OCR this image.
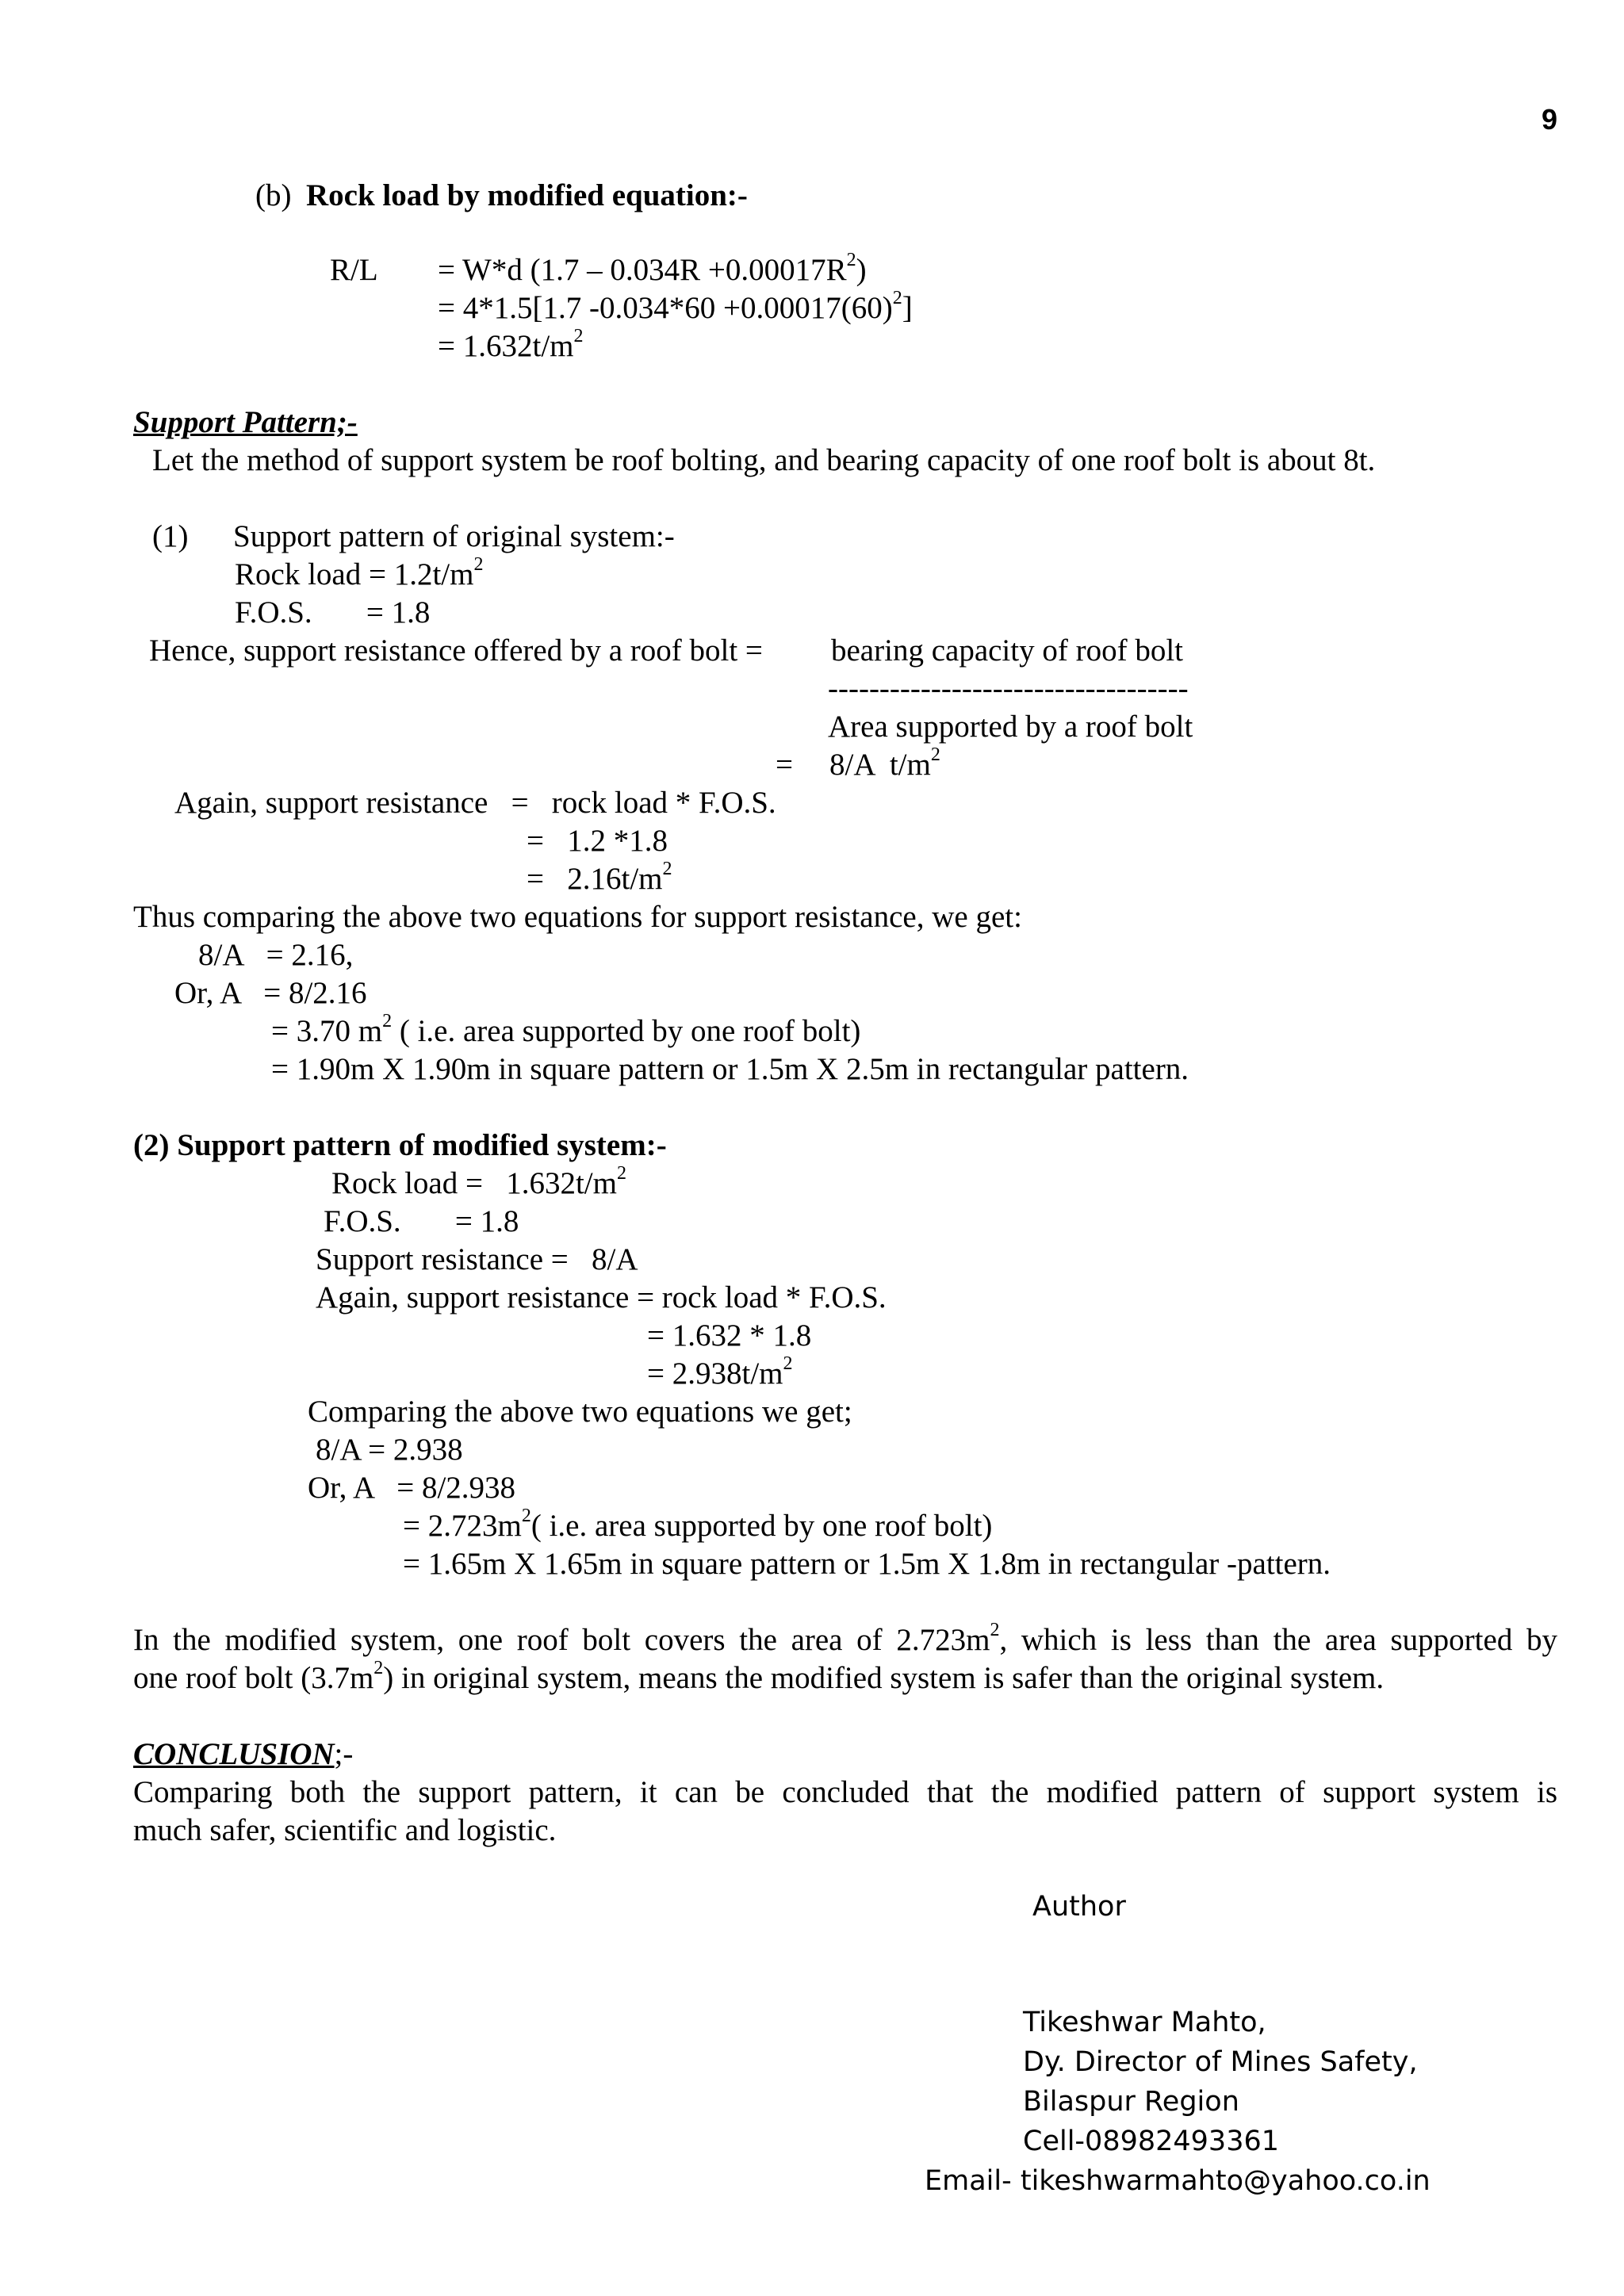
9
(b) Rock load by modified equation:-
R/L = W*d $(1.7 - 0.034R +0.00017R^2)$
= 4*1.5[1.7 $-0.034*60 +0.00017(60)^2$]
= $1.632t/m^2$
Support Pattern;-
Let the method of support system be roof bolting, and bearing capacity of one roof bolt is about 8t.
(1) Support pattern of original system:-
Rock load = $1.2t/m^2$
F.O.S.       = 1.8
Hence, support resistance offered by a roof bolt = bearing capacity of roof bolt
-----------------------------------
Area supported by a roof bolt
= 8/A  $t/m^2$
Again, support resistance   =   rock load * F.O.S.
=   1.2 *1.8
=   $2.16t/m^2$
Thus comparing the above two equations for support resistance, we get:
8/A   = 2.16,
Or, A   = 8/2.16
= 3.70 $m^2$ ( i.e. area supported by one roof bolt)
= 1.90m X 1.90m in square pattern or 1.5m X 2.5m in rectangular pattern.
(2) Support pattern of modified system:-
Rock load =   $1.632t/m^2$
F.O.S.       = 1.8
Support resistance =   8/A
Again, support resistance = rock load * F.O.S.
= 1.632 * 1.8
= $2.938t/m^2$
Comparing the above two equations we get;
8/A = 2.938
Or, A   = 8/2.938
= $2.723m^2$( i.e. area supported by one roof bolt)
= 1.65m X 1.65m in square pattern or 1.5m X 1.8m in rectangular -pattern.
In the modified system, one roof bolt covers the area of $2.723m^2$, which is less than the area supported by
one roof bolt $(3.7m^2)$ in original system, means the modified system is safer than the original system.
CONCLUSION;-
Comparing both the support pattern, it can be concluded that the modified pattern of support system is
much safer, scientific and logistic.
Author
Tikeshwar Mahto,
Dy. Director of Mines Safety,
Bilaspur Region
Cell-08982493361
Email- tikeshwarmahto@yahoo.co.in
